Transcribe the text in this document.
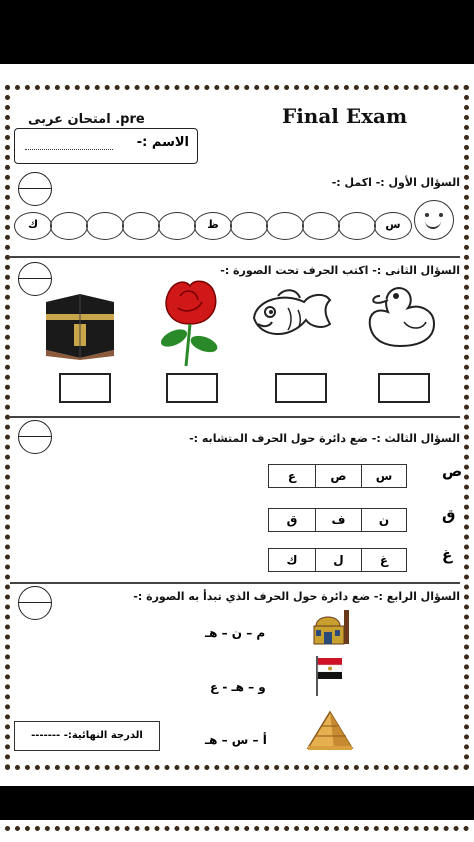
Final Exam
امتحان عربى .pre
الاسم :-
السؤال الأول :- اكمل :-
س
ظ
ك
السؤال الثانى :- اكتب الحرف تحت الصورة :-
السؤال الثالث :- ضع دائرة حول الحرف المتشابه :-
ص
س
ص
ع
ق
ن
ف
ق
غ
غ
ل
ك
السؤال الرابع :- ضع دائرة حول الحرف الذي تبدأ به الصورة :-
م – ن – هـ
و – هـ - ع
أ – س – هـ
الدرجة النهائية:- -------
